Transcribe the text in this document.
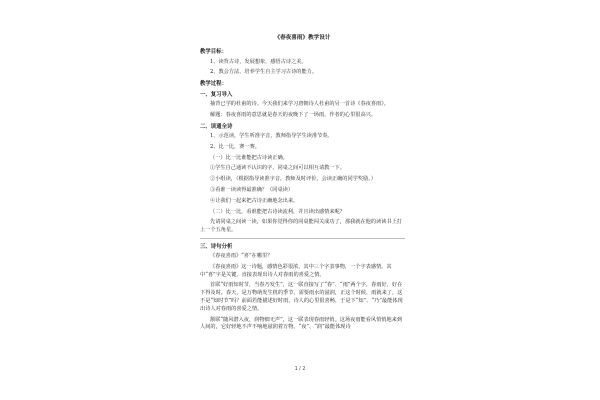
《春夜喜雨》教学设计
教学目标：
1、读背古诗，发展想象，感悟古诗之美。
2、教会方法，培养学生自主学习古诗的能力。
教学过程：
一、复习导入
抽背已学的杜甫的诗。今天我们来学习唐朝诗人杜甫的另一首诗《春夜喜雨》。
解题：春夜喜雨的意思就是春天的夜晚下了一场雨，作者的心里很高兴。
二、读通全诗
1、示范读，学生听准字音，教师指导学生读准节奏。
2、比一比，赛一赛。
（一）比一比谁能把古诗读正确。
①学生自己通读不认识的字，同桌之间可以相互请教一下。
②小组读，（根据指导读准字音，教师及时评价，会读正确的同学奖励。）
③看谁一读读得最准确？（同桌读）
④让我们一起来把古诗正确地念出来。
（二）比一比，看谁能把古诗读流利，并且读出感情来呢？
先请同桌之间读一读，如果你觉得你的同桌能闯关成功了，那我就在他的读读书上打上一个五角星。
三、诗句分析
《春夜喜雨》“喜”在哪里？
《春夜喜雨》这一诗题，感情色彩很浓，其中三个字表事物，一个字表感情。其中“喜”字是关键，直接表现出诗人对春雨的喜爱之情。
首联“好雨知时节，当春乃发生”，这一联直接写了“春”、“雨”两个字，春雨好，好在下得及时。春天，是万物萌发生机的季节，需要雨水的滋润，正这个时候，雨就来了，这不是“知时节”吗？前面若能描述好时雨，诗人的心里很喜畅，于是下“知”、“乃”最能体现出诗人对春雨的喜爱之情。
颔联“随风潜入夜，润物细无声”，这一联表现春雨轻悄。这场夜雨能看风悄悄地来到人间的，它好轻地不声不响地滋润着万物。“夜”、“润”最能体现诗
1 / 2
